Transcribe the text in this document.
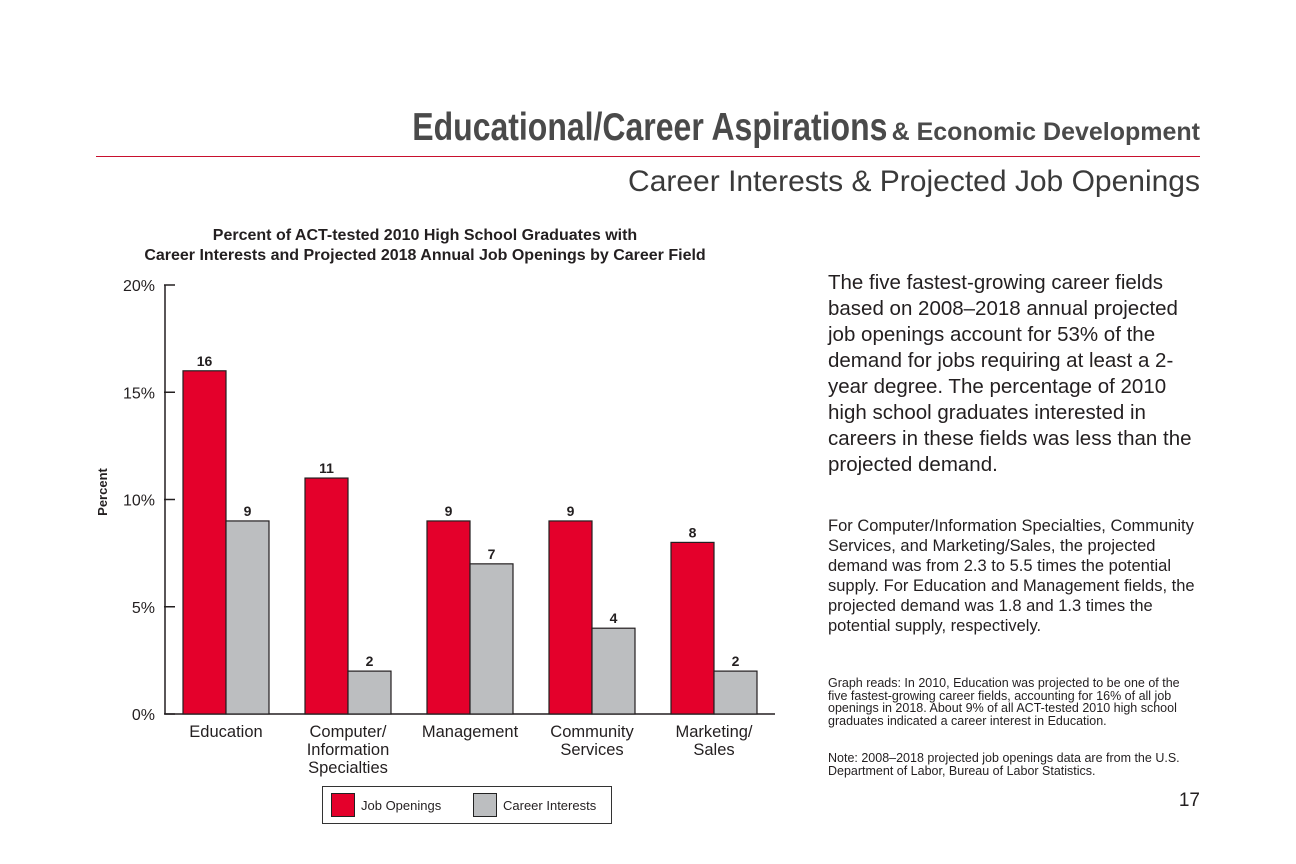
Educational/Career Aspirations & Economic Development
Career Interests & Projected Job Openings
Percent of ACT-tested 2010 High School Graduates with
Career Interests and Projected 2018 Annual Job Openings by Career Field
0%
5%
10%
15%
20%
Percent
16
9
Education
11
2
Computer/
Information
Specialties
9
7
Management
9
4
Community
Services
8
2
Marketing/
Sales
Job Openings	Career Interests
The five fastest-growing career fields based on 2008–2018 annual projected job openings account for 53% of the demand for jobs requiring at least a 2-year degree. The percentage of 2010 high school graduates interested in careers in these fields was less than the projected demand.
For Computer/Information Specialties, Community Services, and Marketing/Sales, the projected demand was from 2.3 to 5.5 times the potential supply. For Education and Management fields, the projected demand was 1.8 and 1.3 times the potential supply, respectively.
Graph reads: In 2010, Education was projected to be one of the five fastest-growing career fields, accounting for 16% of all job openings in 2018. About 9% of all ACT-tested 2010 high school graduates indicated a career interest in Education.
Note: 2008–2018 projected job openings data are from the U.S. Department of Labor, Bureau of Labor Statistics.
17
